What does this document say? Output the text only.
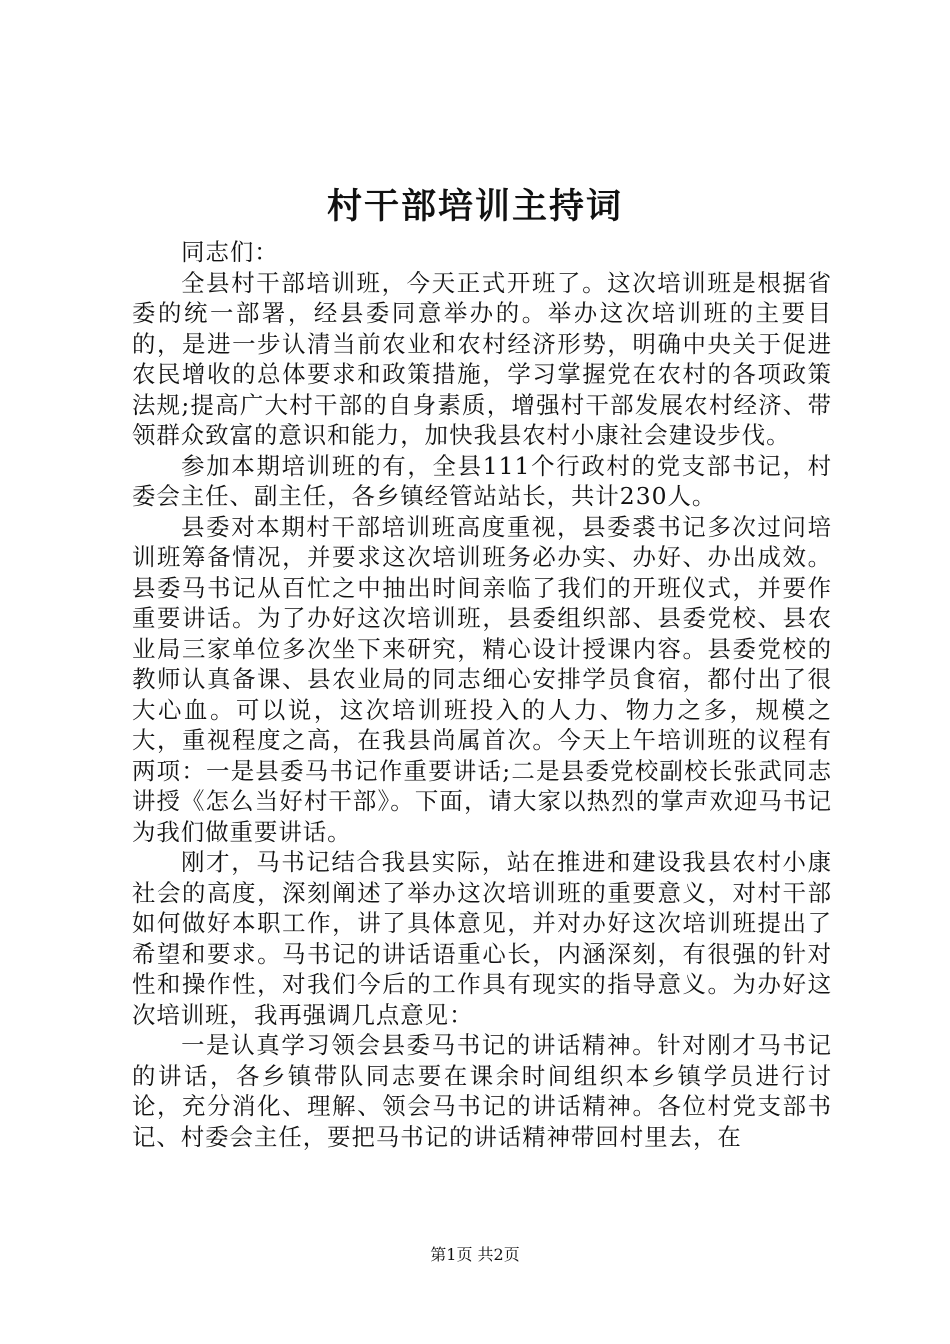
村干部培训主持词

同志们：

全县村干部培训班，今天正式开班了。这次培训班是根据省委的统一部署，经县委同意举办的。举办这次培训班的主要目的，是进一步认清当前农业和农村经济形势，明确中央关于促进农民增收的总体要求和政策措施，学习掌握党在农村的各项政策法规;提高广大村干部的自身素质，增强村干部发展农村经济、带领群众致富的意识和能力，加快我县农村小康社会建设步伐。

参加本期培训班的有，全县111个行政村的党支部书记，村委会主任、副主任，各乡镇经管站站长，共计230人。

县委对本期村干部培训班高度重视，县委裘书记多次过问培训班筹备情况，并要求这次培训班务必办实、办好、办出成效。县委马书记从百忙之中抽出时间亲临了我们的开班仪式，并要作重要讲话。为了办好这次培训班，县委组织部、县委党校、县农业局三家单位多次坐下来研究，精心设计授课内容。县委党校的教师认真备课、县农业局的同志细心安排学员食宿，都付出了很大心血。可以说，这次培训班投入的人力、物力之多，规模之大，重视程度之高，在我县尚属首次。今天上午培训班的议程有两项：一是县委马书记作重要讲话;二是县委党校副校长张武同志讲授《怎么当好村干部》。下面，请大家以热烈的掌声欢迎马书记为我们做重要讲话。

刚才，马书记结合我县实际，站在推进和建设我县农村小康社会的高度，深刻阐述了举办这次培训班的重要意义，对村干部如何做好本职工作，讲了具体意见，并对办好这次培训班提出了希望和要求。马书记的讲话语重心长，内涵深刻，有很强的针对性和操作性，对我们今后的工作具有现实的指导意义。为办好这次培训班，我再强调几点意见：

一是认真学习领会县委马书记的讲话精神。针对刚才马书记的讲话，各乡镇带队同志要在课余时间组织本乡镇学员进行讨论，充分消化、理解、领会马书记的讲话精神。各位村党支部书记、村委会主任，要把马书记的讲话精神带回村里去，在

第1页 共2页
